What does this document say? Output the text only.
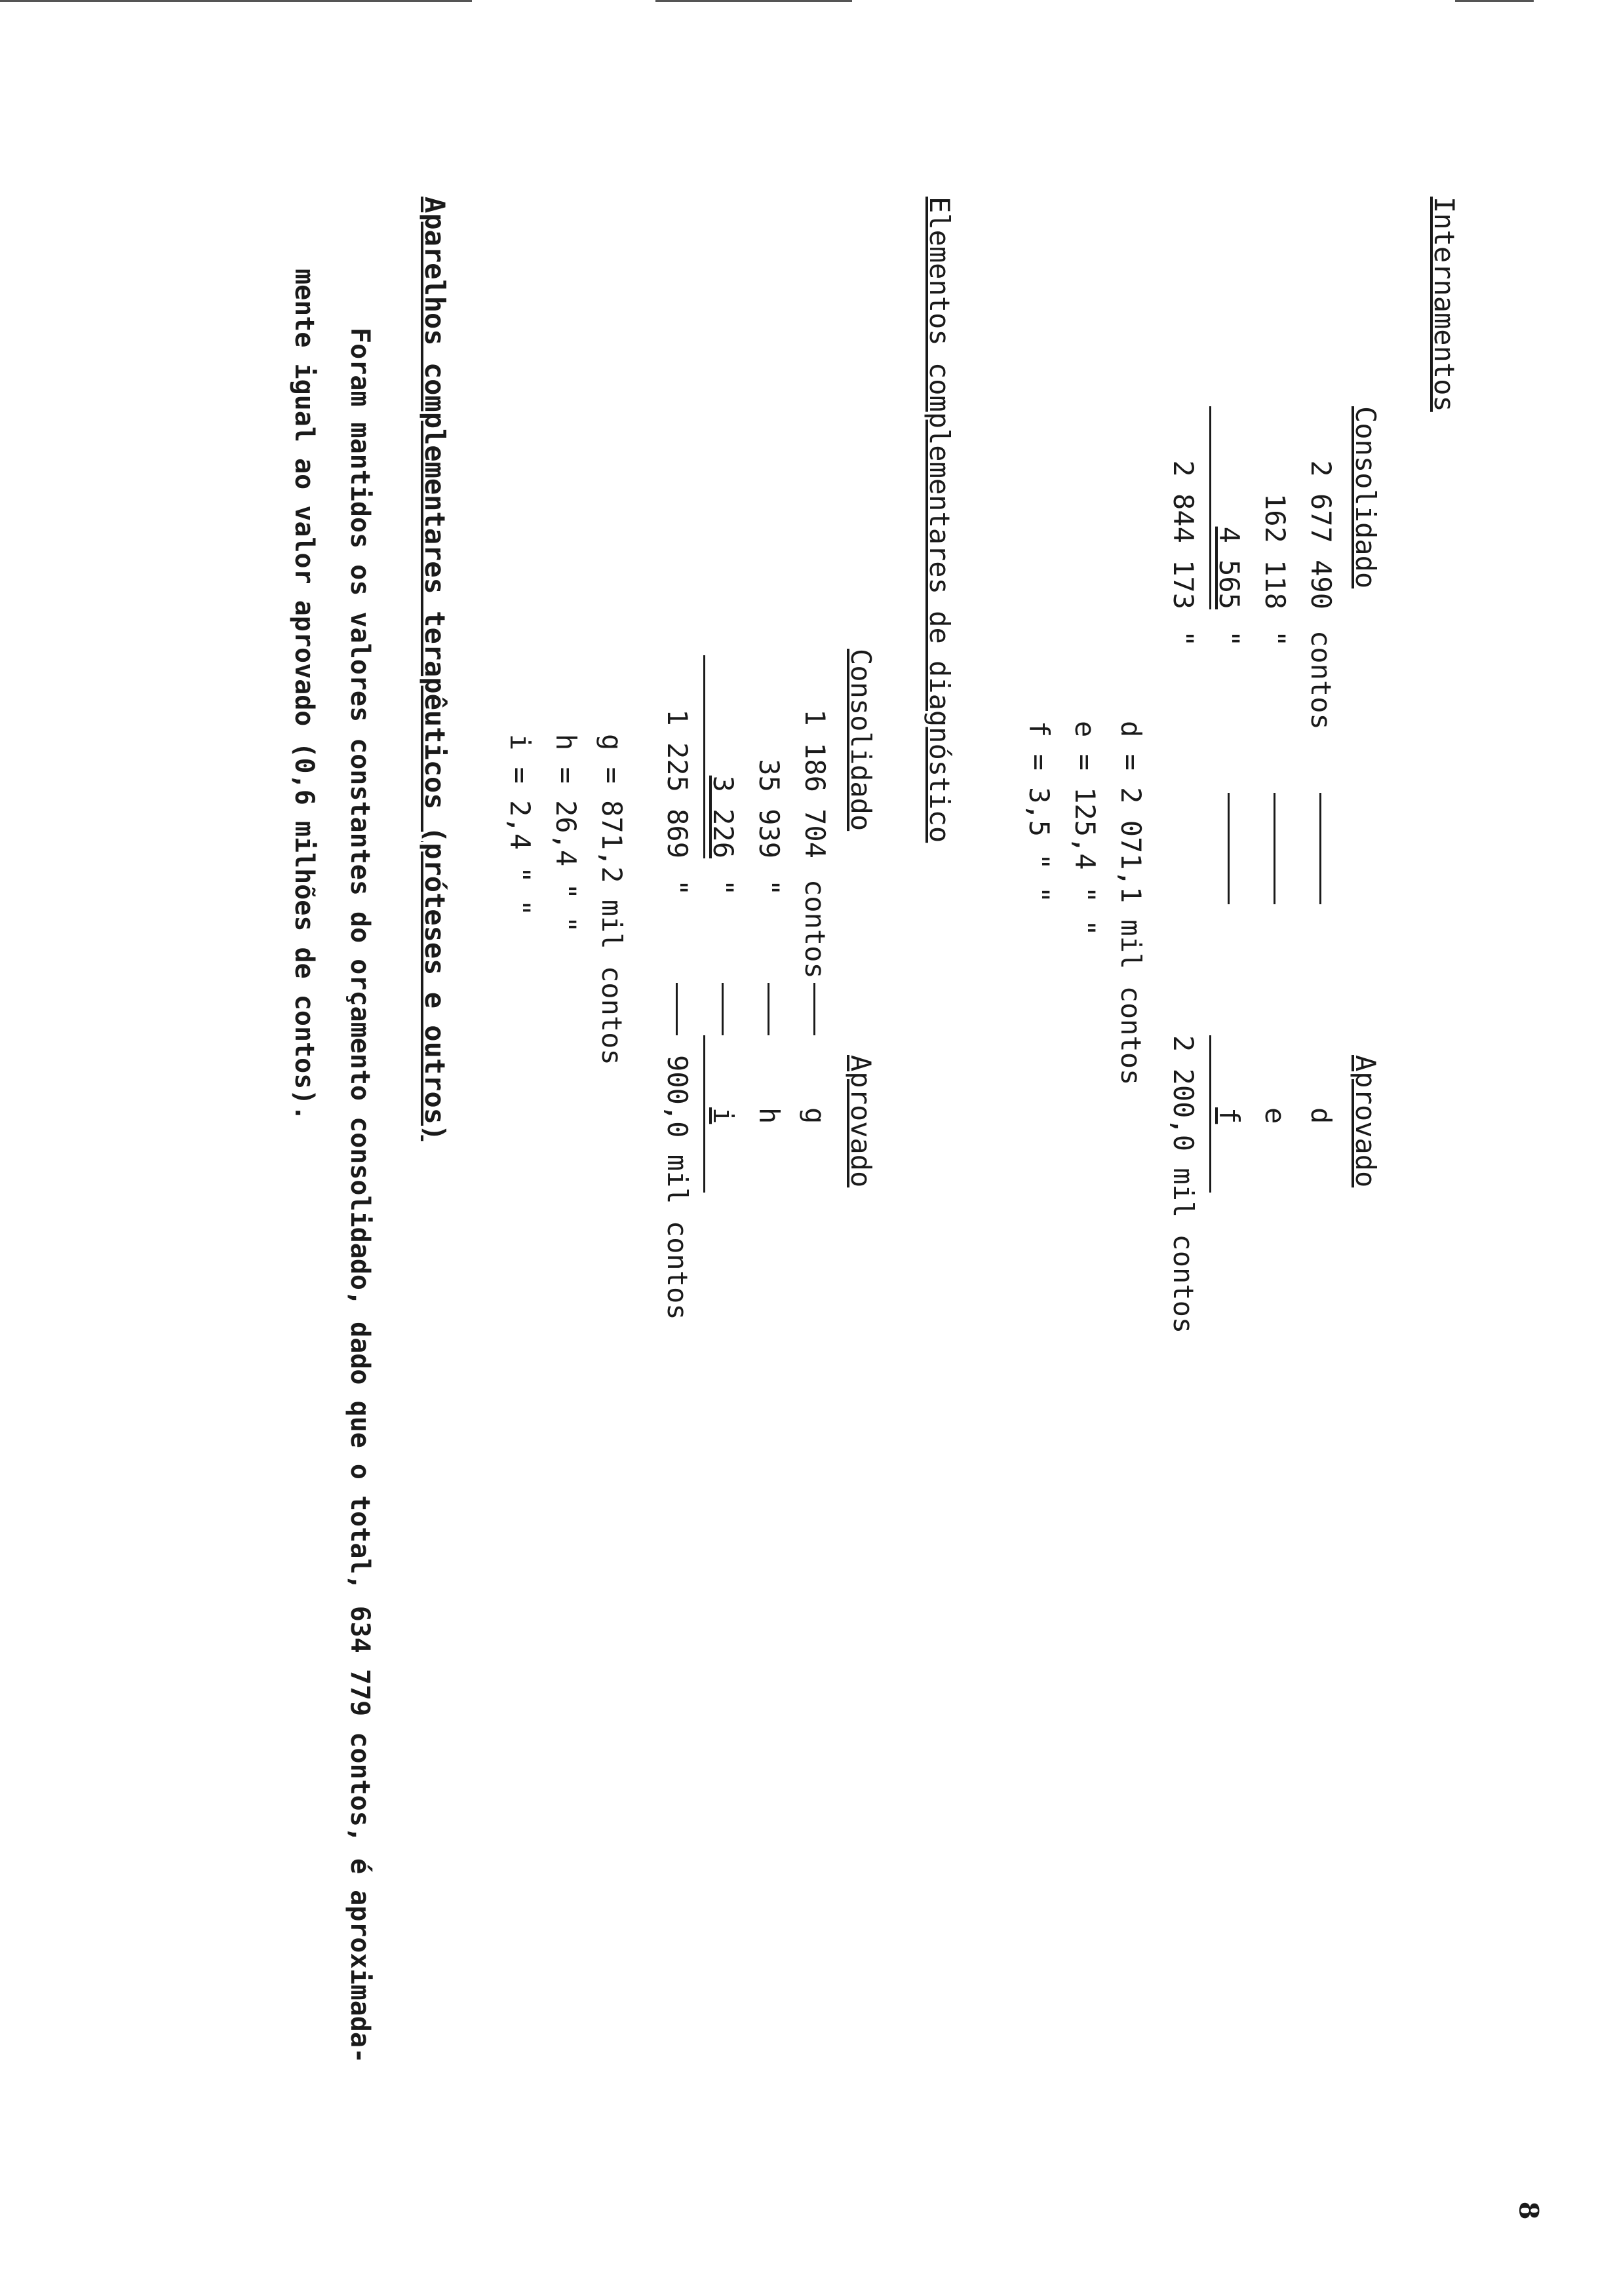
8
Internamentos
Consolidado
Aprovado
2 677 490
contos
d
162 118
"
e
4 565
"
f
2 844 173
"
2 200,0 mil contos
d = 2 071,1 mil contos
e = 125,4 " "
f = 3,5 " "
Elementos complementares de diagnóstico
Consolidado
Aprovado
1 186 704
contos
g
35 939
"
h
3 226
"
i
1 225 869
"
900,0 mil contos
g = 871,2 mil contos
h = 26,4 " "
i = 2,4 " "
Aparelhos complementares terapêuticos (próteses e outros)
Foram mantidos os valores constantes do orçamento consolidado, dado que o total, 634 779 contos, é aproximada-
mente igual ao valor aprovado (0,6 milhões de contos).
